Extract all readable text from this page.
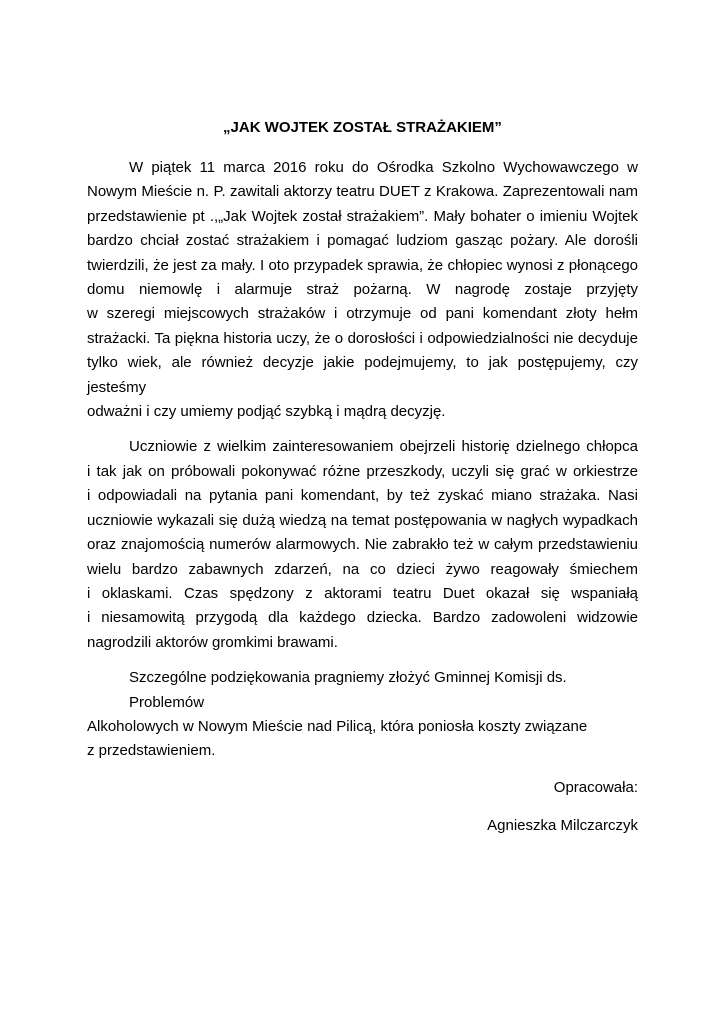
„JAK WOJTEK ZOSTAŁ STRAŻAKIEM”
W piątek 11 marca 2016 roku do Ośrodka Szkolno Wychowawczego w
Nowym Mieście n. P. zawitali aktorzy teatru DUET z Krakowa. Zaprezentowali nam
przedstawienie pt .,„Jak Wojtek został strażakiem”. Mały bohater o imieniu Wojtek
bardzo chciał zostać strażakiem i pomagać ludziom gasząc pożary. Ale dorośli
twierdzili, że jest za mały. I oto przypadek sprawia, że chłopiec wynosi z płonącego
domu niemowlę i alarmuje straż pożarną. W nagrodę zostaje przyjęty
w szeregi miejscowych strażaków i otrzymuje od pani komendant złoty hełm
strażacki. Ta piękna historia uczy, że o dorosłości i odpowiedzialności nie decyduje
tylko wiek, ale również decyzje jakie podejmujemy, to jak postępujemy, czy jesteśmy
odważni i czy umiemy podjąć szybką i mądrą decyzję.
Uczniowie z wielkim zainteresowaniem obejrzeli historię dzielnego chłopca
i tak jak on próbowali pokonywać różne przeszkody, uczyli się grać w orkiestrze
i odpowiadali na pytania pani komendant, by też zyskać miano strażaka. Nasi
uczniowie wykazali się dużą wiedzą na temat postępowania w nagłych wypadkach
oraz znajomością numerów alarmowych. Nie zabrakło też w całym przedstawieniu
wielu bardzo zabawnych zdarzeń, na co dzieci żywo reagowały śmiechem
i oklaskami. Czas spędzony z aktorami teatru Duet okazał się wspaniałą
i niesamowitą przygodą dla każdego dziecka. Bardzo zadowoleni widzowie
nagrodzili aktorów gromkimi brawami.
Szczególne podziękowania pragniemy złożyć Gminnej Komisji ds. Problemów
Alkoholowych w Nowym Mieście nad Pilicą, która poniosła koszty związane
z przedstawieniem.
Opracowała:
Agnieszka Milczarczyk
